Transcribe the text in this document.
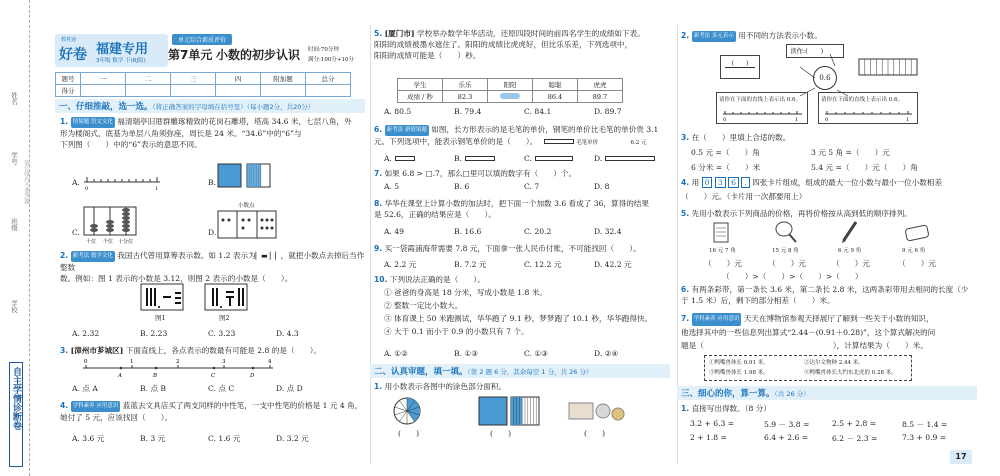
姓名
学号
班级
学校
装订线内不要答题
自主学情诊断卷
教材通
好卷 福建专用
3年级 数学 下(RJ版)
单元综合素质评价
第7单元 小数的初步认识 时间:70分钟
满分:100分+10分
题号	一	二	三	四	附加题	总分
得分						
一、仔细推敲，选一选。（将正确答案的字母填在括号里）（每小题2分，共20分）
1. 情境题 语文文化 福清瑞亭旧厝群雕琢精致的花岗石雕塔，塔高 34.6 米，七层八角，外
形为楼阁式，底基为单层八角须弥座，周长是 24 米。“34.6”中的“6”与
下列图（　　）中的“6”表示的意思不同。
A.
0	1
B.
C.
十位 个位 十分位
D.
小数点
2. 新考法 数学文化 我国古代曾用算筹表示数。如 1.2 表示为▏▬ ▏▏，就把小数点去掉后当作整数
数。例如：图 1 表示的小数是 3.12，则图 2 表示的小数是（　　）。
图1	图2
A. 2.32	B. 2.23	C. 3.23	D. 4.3
3. [漳州市芗城区] 下面直线上，各点表示的数最有可能是 2.8 的是（　　）。
0	1	2	3	4
A	B	C	D
A. 点 A	B. 点 B	C. 点 C	D. 点 D
4. 学科素养 应用意识 蓝蓝去文具店买了两支同样的中性笔，一支中性笔的价格是 1 元 4 角，
她付了 5 元，应该找回（　　）。
A. 3.6 元	B. 3 元	C. 1.6 元	D. 3.2 元
5. [厦门市] 学校举办数学年华活动，还原四段时间的前四名学生的成绩如下表。
阳阳的成绩被墨水遮住了。阳阳的成绩比虎虎好，但比乐乐差，下列选项中，
阳阳的成绩可能是（　　）秒。
学生	乐乐	阳阳	聪聪	虎虎
成绩 / 秒	82.3		86.4	89.7
A. 80.5	B. 79.4	C. 84.1	D. 89.7
6. 新考法 新情境题 如图，长方形表示的是毛笔的单价，钢笔的单价比毛笔的单价贵 3.1
元。下列选项中，能表示钢笔单价的是（　　）。	毛笔单价	6.2 元
A.	B.	C.	D.
7. 如果 6.8 > □.7，那么□里可以填的数字有（　　）个。
A. 5	B. 6	C. 7	D. 8
8. 华华在课堂上计算小数的加法时，把下面一个加数 3.6 看成了 36，算得的结果
是 52.6，正确的结果应是（　　）。
A. 49	B. 16.6	C. 20.2	D. 32.4
9. 买一袋霞浦海带需要 7.8 元，下面拿一张人民币付账，不可能找回（　　）。
A. 2.2 元	B. 7.2 元	C. 12.2 元	D. 42.2 元
10. 下列说法正确的是（　　）。
① 爸爸的身高是 18 分米，写成小数是 1.8 米。
② 整数一定比小数大。
③ 体育课上 50 米跑测试，华华跑了 9.1 秒，梦梦跑了 10.1 秒，华华跑得快。
④ 大于 0.1 而小于 0.9 的小数只有 7 个。
A. ①②	B. ①③	C. ①③	D. ②④
二、认真审题，填一填。（第 2 题 6 分，其余每空 1 分，共 26 分）
1. 用小数表示各图中的涂色部分面积。
(　　)	(　　)	(　　)
2. 新考法 多元表示 用不同的方法表示小数。
读作:(　　)
(　　)
0.6
请你在下面的直线上表示出 0.6。
0	1
请你在下面的直线上表示出 0.6。
0	1
3. 在（　　）里填上合适的数。
0.5 元 =（　　）角	3 元 5 角 =（　　）元
6 分米 =（　　）米	5.4 元 =（　　）元（　　）角
4. 用 0 3 6 . 四张卡片组成，组成的最大一位小数与最小一位小数相差
（　　）元。（卡片用一次都要用上）
5. 先用小数表示下列商品的价格，再将价格按从高到低的顺序排列。
16 元 7 角	15 元 8 角	6 元 9 角	9 元 6 角
（　　）元	（　　）元	（　　）元	（　　）元
（　　）>（　　）>（　　）>（　　）
6. 有两条彩带，第一条长 3.6 米，第二条长 2.8 米，这两条彩带用去相同的长度（少
于 1.5 米）后，剩下的部分相差（　　）米。
7. 学科素养 应用意识 天天在博物馆参观天择展厅了解到一些关于小数的知识，
他选择其中的一些信息列出算式“2.44－(0.91＋0.28)”，这个算式解决的问
题是（　　　　　　　　　　　　　　　　　），计算结果为（　　）米。
①鸭嘴兽体长 0.91 米。	②达尔文物种 2.44 米。
③鸭嘴兽体长 1.98 米。	④鸭嘴兽体长大约东北虎的 0.28 米。
三、细心的你，算一算。（共 26 分）
1. 直接写出得数。（8 分）
3.2 + 6.3 =	5.9 － 3.8 =	2.5 + 2.8 =	8.5 － 1.4 =
2 + 1.8 =	6.4 + 2.6 =	6.2 － 2.3 =	7.3 + 0.9 =
17
